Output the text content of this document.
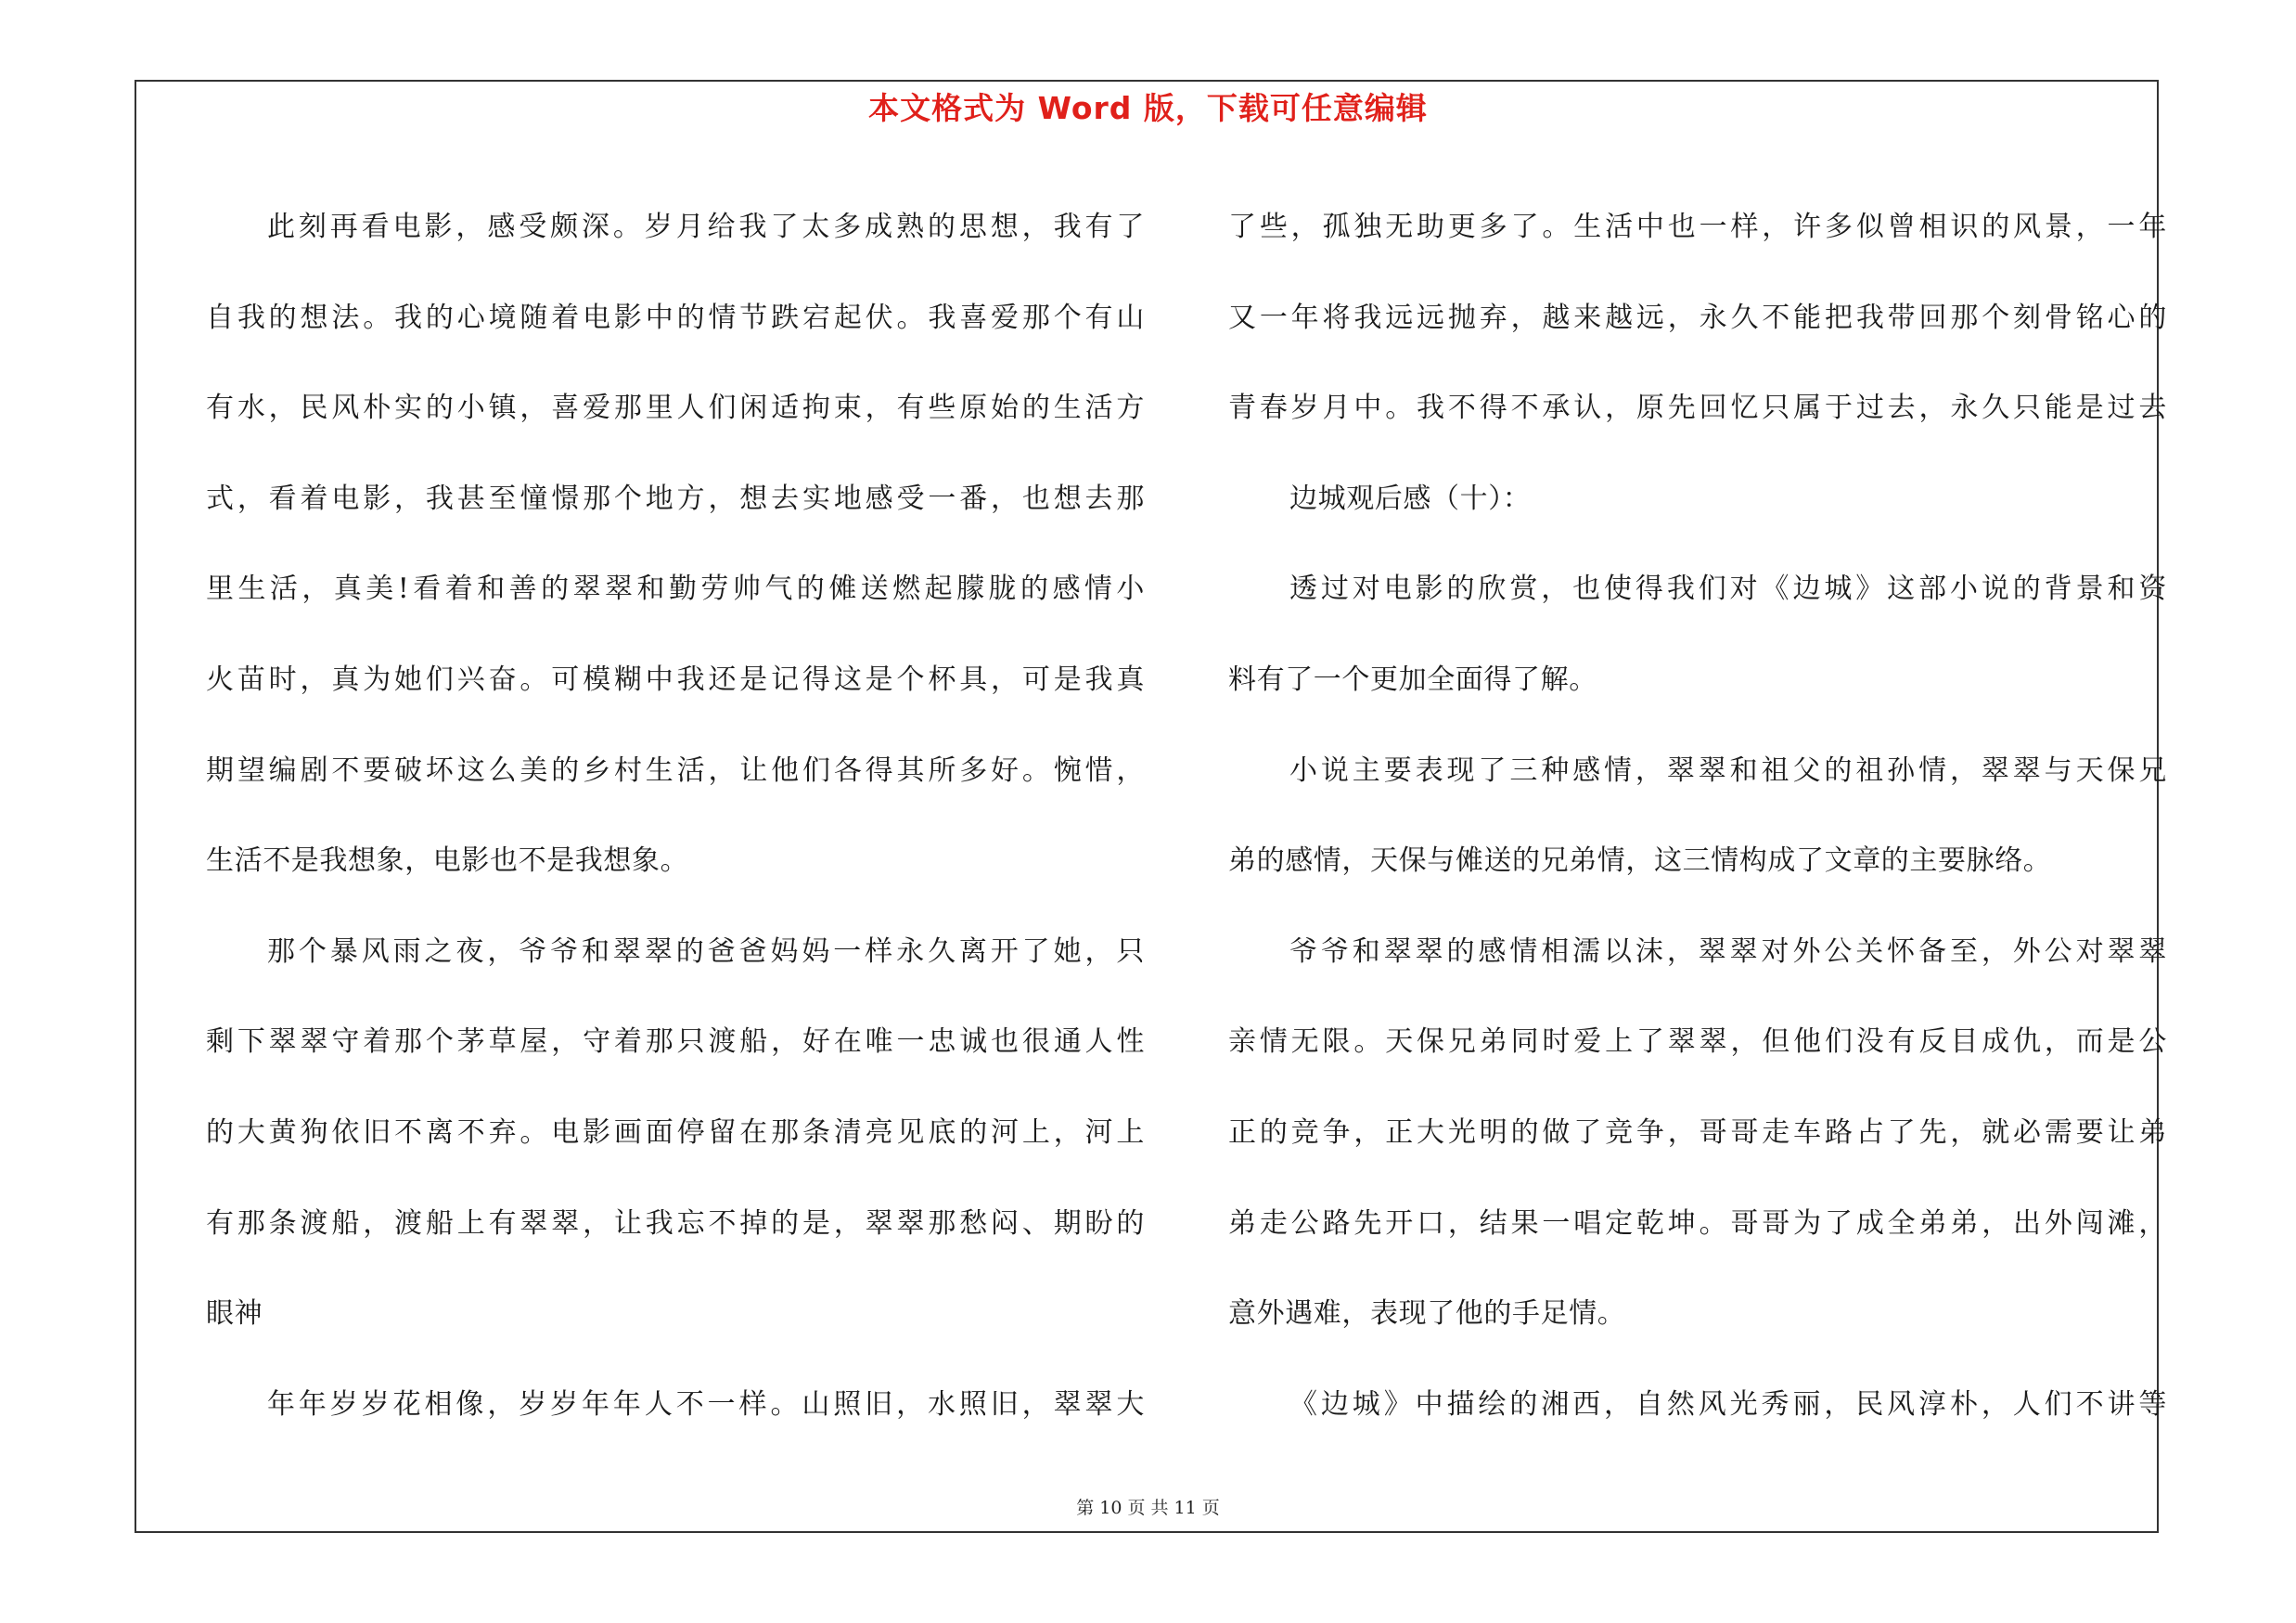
本文格式为 Word 版，下载可任意编辑
此刻再看电影，感受颇深。岁月给我了太多成熟的思想，我有了
自我的想法。我的心境随着电影中的情节跌宕起伏。我喜爱那个有山
有水，民风朴实的小镇，喜爱那里人们闲适拘束，有些原始的生活方
式，看着电影，我甚至憧憬那个地方，想去实地感受一番，也想去那
里生活，真美!看着和善的翠翠和勤劳帅气的傩送燃起朦胧的感情小
火苗时，真为她们兴奋。可模糊中我还是记得这是个杯具，可是我真
期望编剧不要破坏这么美的乡村生活，让他们各得其所多好。惋惜，
生活不是我想象，电影也不是我想象。
那个暴风雨之夜，爷爷和翠翠的爸爸妈妈一样永久离开了她，只
剩下翠翠守着那个茅草屋，守着那只渡船，好在唯一忠诚也很通人性
的大黄狗依旧不离不弃。电影画面停留在那条清亮见底的河上，河上
有那条渡船，渡船上有翠翠，让我忘不掉的是，翠翠那愁闷、期盼的
眼神
年年岁岁花相像，岁岁年年人不一样。山照旧，水照旧，翠翠大
了些，孤独无助更多了。生活中也一样，许多似曾相识的风景，一年
又一年将我远远抛弃，越来越远，永久不能把我带回那个刻骨铭心的
青春岁月中。我不得不承认，原先回忆只属于过去，永久只能是过去
边城观后感（十）：
透过对电影的欣赏，也使得我们对《边城》这部小说的背景和资
料有了一个更加全面得了解。
小说主要表现了三种感情，翠翠和祖父的祖孙情，翠翠与天保兄
弟的感情，天保与傩送的兄弟情，这三情构成了文章的主要脉络。
爷爷和翠翠的感情相濡以沫，翠翠对外公关怀备至，外公对翠翠
亲情无限。天保兄弟同时爱上了翠翠，但他们没有反目成仇，而是公
正的竞争，正大光明的做了竞争，哥哥走车路占了先，就必需要让弟
弟走公路先开口，结果一唱定乾坤。哥哥为了成全弟弟，出外闯滩，
意外遇难，表现了他的手足情。
《边城》中描绘的湘西，自然风光秀丽，民风淳朴，人们不讲等
第 10 页 共 11 页
